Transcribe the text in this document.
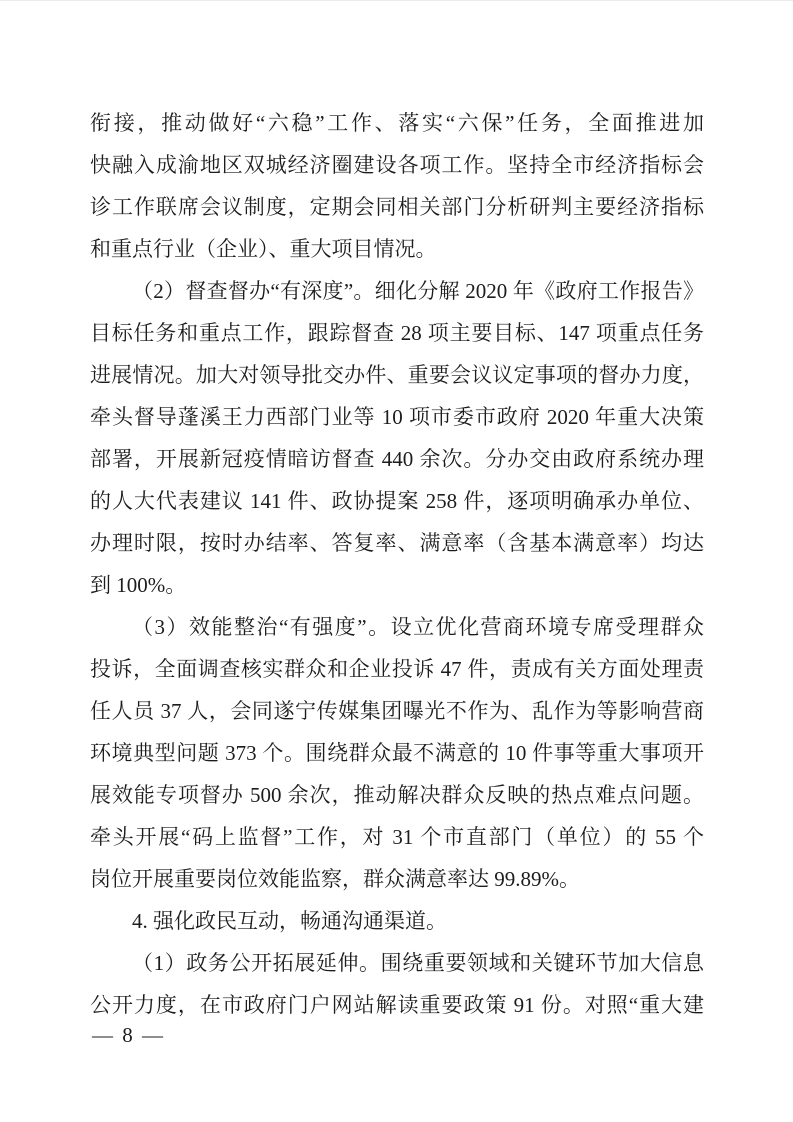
衔接，推动做好“六稳”工作、落实“六保”任务，全面推进加
快融入成渝地区双城经济圈建设各项工作。坚持全市经济指标会
诊工作联席会议制度，定期会同相关部门分析研判主要经济指标
和重点行业（企业）、重大项目情况。
（2）督查督办“有深度”。细化分解 2020 年《政府工作报告》
目标任务和重点工作，跟踪督查 28 项主要目标、147 项重点任务
进展情况。加大对领导批交办件、重要会议议定事项的督办力度，
牵头督导蓬溪王力西部门业等 10 项市委市政府 2020 年重大决策
部署，开展新冠疫情暗访督查 440 余次。分办交由政府系统办理
的人大代表建议 141 件、政协提案 258 件，逐项明确承办单位、
办理时限，按时办结率、答复率、满意率（含基本满意率）均达
到 100%。
（3）效能整治“有强度”。设立优化营商环境专席受理群众
投诉，全面调查核实群众和企业投诉 47 件，责成有关方面处理责
任人员 37 人，会同遂宁传媒集团曝光不作为、乱作为等影响营商
环境典型问题 373 个。围绕群众最不满意的 10 件事等重大事项开
展效能专项督办 500 余次，推动解决群众反映的热点难点问题。
牵头开展“码上监督”工作，对 31 个市直部门（单位）的 55 个
岗位开展重要岗位效能监察，群众满意率达 99.89%。
4. 强化政民互动，畅通沟通渠道。
（1）政务公开拓展延伸。围绕重要领域和关键环节加大信息
公开力度，在市政府门户网站解读重要政策 91 份。对照“重大建
— 8 —
